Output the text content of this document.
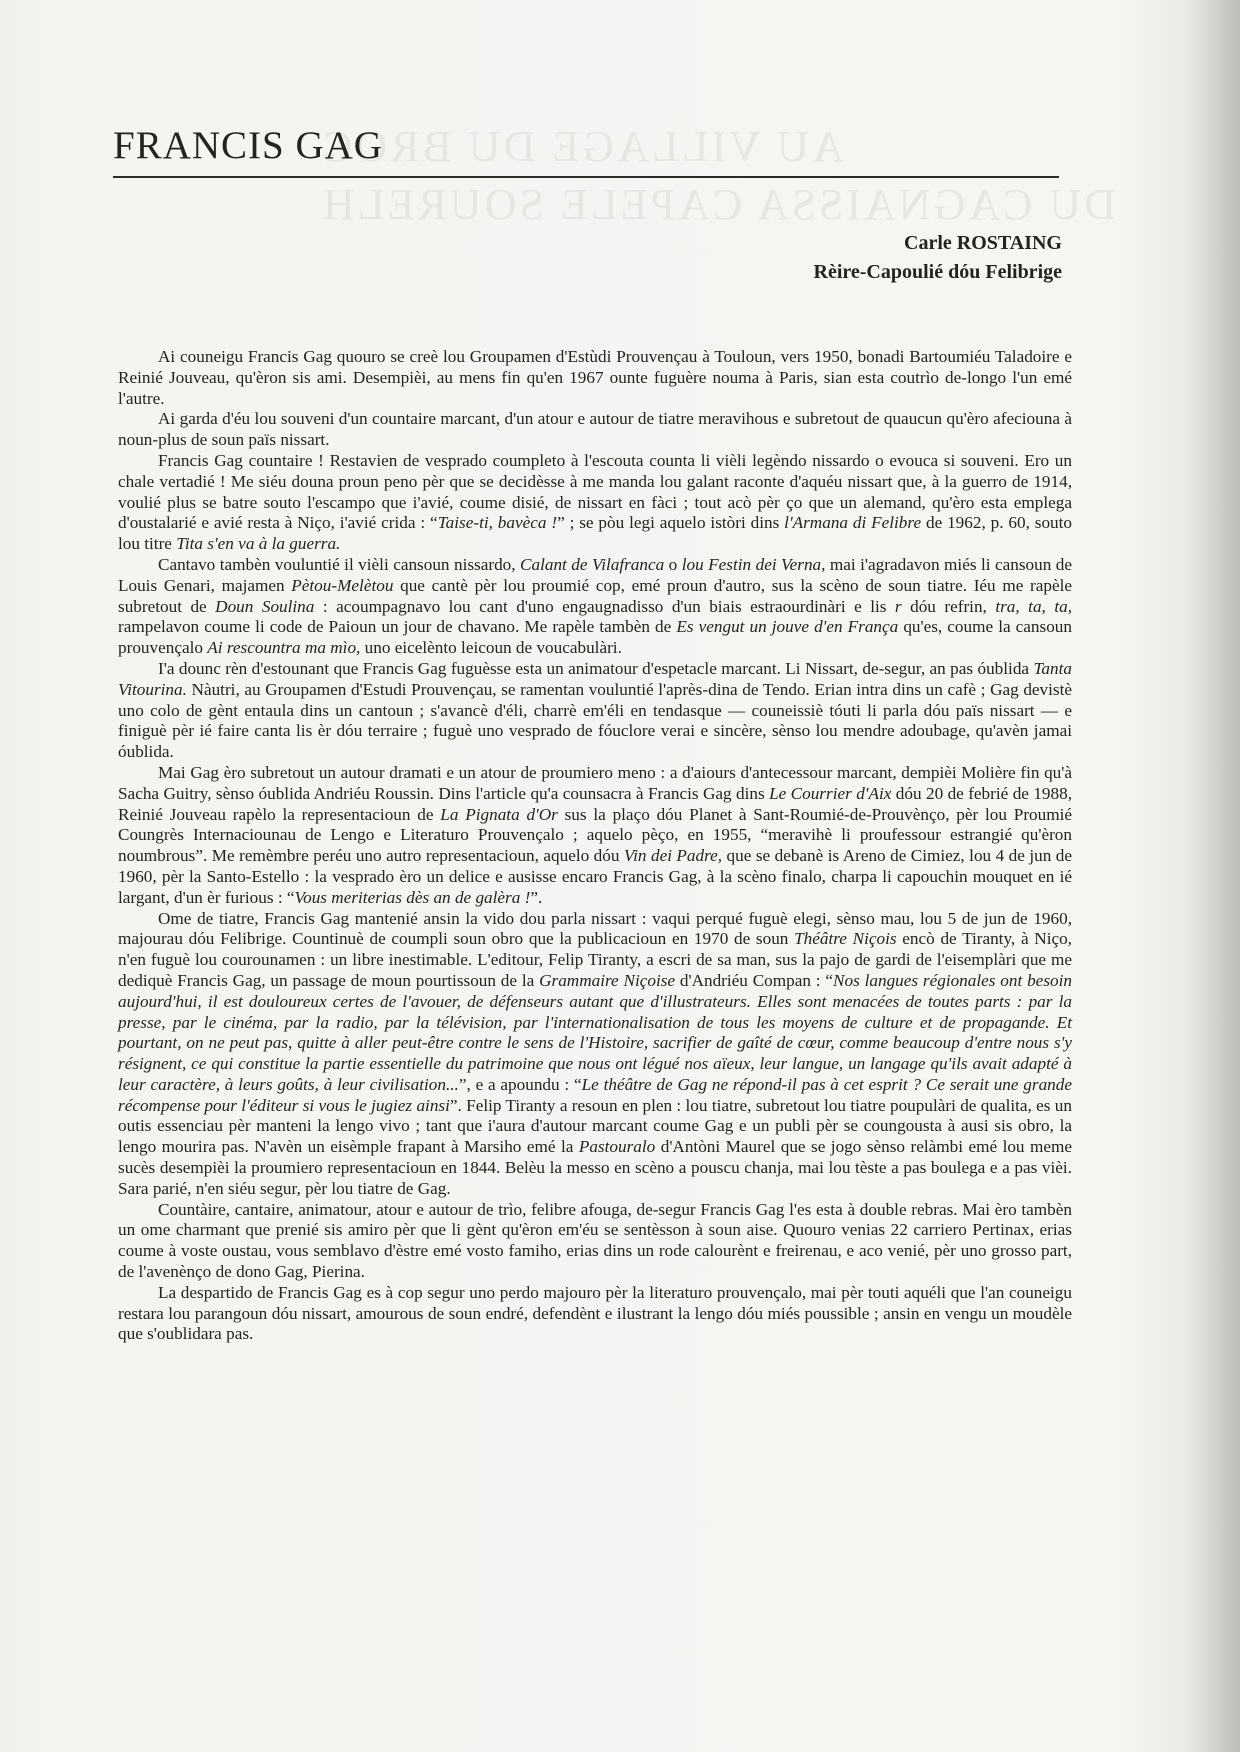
AU VILLAGE DU BROC
DU CAGNAISSA CAPELE SOURELH
FRANCIS GAG
Carle ROSTAING
Rèire-Capoulié dóu Felibrige

Ai couneigu Francis Gag quouro se creè lou Groupamen d'Estùdi Prouvençau à Touloun, vers 1950, bonadi Bartoumiéu Taladoire e Reinié Jouveau, qu'èron sis ami. Desempièi, au mens fin qu'en 1967 ounte fuguère nouma à Paris, sian esta coutrìo de-longo l'un emé l'autre.

Ai garda d'éu lou souveni d'un countaire marcant, d'un atour e autour de tiatre meravihous e subretout de quaucun qu'èro afeciouna à noun-plus de soun païs nissart.

Francis Gag countaire ! Restavien de vesprado coumpleto à l'escouta counta li vièli legèndo nissardo o evouca si souveni. Ero un chale vertadié ! Me siéu douna proun peno pèr que se decidèsse à me manda lou galant raconte d'aquéu nissart que, à la guerro de 1914, voulié plus se batre souto l'escampo que i'avié, coume disié, de nissart en fàci ; tout acò pèr ço que un alemand, qu'èro esta emplega d'oustalarié e avié resta à Niço, i'avié crida : “Taise-ti, bavèca !” ; se pòu legi aquelo istòri dins l'Armana di Felibre de 1962, p. 60, souto lou titre Tita s'en va à la guerra.

Cantavo tambèn vouluntié il vièli cansoun nissardo, Calant de Vilafranca o lou Festin dei Verna, mai i'agradavon miés li cansoun de Louis Genari, majamen Pètou-Melètou que cantè pèr lou proumié cop, emé proun d'autro, sus la scèno de soun tiatre. Iéu me rapèle subretout de Doun Soulina : acoumpagnavo lou cant d'uno engaugnadisso d'un biais estraourdinàri e lis r dóu refrin, tra, ta, ta, rampelavon coume li code de Paioun un jour de chavano. Me rapèle tambèn de Es vengut un jouve d'en França qu'es, coume la cansoun prouvençalo Ai rescountra ma mìo, uno eicelènto leicoun de voucabulàri.

I'a dounc rèn d'estounant que Francis Gag fuguèsse esta un animatour d'espetacle marcant. Li Nissart, de-segur, an pas óublida Tanta Vitourina. Nàutri, au Groupamen d'Estudi Prouvençau, se ramentan vouluntié l'après-dina de Tendo. Erian intra dins un cafè ; Gag devistè uno colo de gènt entaula dins un cantoun ; s'avancè d'éli, charrè em'éli en tendasque — couneissiè tóuti li parla dóu païs nissart — e finiguè pèr ié faire canta lis èr dóu terraire ; fuguè uno vesprado de fóuclore verai e sincère, sènso lou mendre adoubage, qu'avèn jamai óublida.

Mai Gag èro subretout un autour dramati e un atour de proumiero meno : a d'aiours d'antecessour marcant, dempièi Molière fin qu'à Sacha Guitry, sènso óublida Andriéu Roussin. Dins l'article qu'a counsacra à Francis Gag dins Le Courrier d'Aix dóu 20 de febrié de 1988, Reinié Jouveau rapèlo la representacioun de La Pignata d'Or sus la plaço dóu Planet à Sant-Roumié-de-Prouvènço, pèr lou Proumié Coungrès Internaciounau de Lengo e Literaturo Prouvençalo ; aquelo pèço, en 1955, “meravihè li proufessour estrangié qu'èron noumbrous”. Me remèmbre peréu uno autro representacioun, aquelo dóu Vin dei Padre, que se debanè is Areno de Cimiez, lou 4 de jun de 1960, pèr la Santo-Estello : la vesprado èro un delice e ausisse encaro Francis Gag, à la scèno finalo, charpa li capouchin mouquet en ié largant, d'un èr furious : “Vous meriterias dès an de galèra !”.

Ome de tiatre, Francis Gag mantenié ansin la vido dou parla nissart : vaqui perqué fuguè elegi, sènso mau, lou 5 de jun de 1960, majourau dóu Felibrige. Countinuè de coumpli soun obro que la publicacioun en 1970 de soun Théâtre Niçois encò de Tiranty, à Niço, n'en fuguè lou courounamen : un libre inestimable. L'editour, Felip Tiranty, a escri de sa man, sus la pajo de gardi de l'eisemplàri que me dediquè Francis Gag, un passage de moun pourtissoun de la Grammaire Niçoise d'Andriéu Compan : “Nos langues régionales ont besoin aujourd'hui, il est douloureux certes de l'avouer, de défenseurs autant que d'illustrateurs. Elles sont menacées de toutes parts : par la presse, par le cinéma, par la radio, par la télévision, par l'internationalisation de tous les moyens de culture et de propagande. Et pourtant, on ne peut pas, quitte à aller peut-être contre le sens de l'Histoire, sacrifier de gaîté de cœur, comme beaucoup d'entre nous s'y résignent, ce qui constitue la partie essentielle du patrimoine que nous ont légué nos aïeux, leur langue, un langage qu'ils avait adapté à leur caractère, à leurs goûts, à leur civilisation...”, e a apoundu : “Le théâtre de Gag ne répond-il pas à cet esprit ? Ce serait une grande récompense pour l'éditeur si vous le jugiez ainsi”. Felip Tiranty a resoun en plen : lou tiatre, subretout lou tiatre poupulàri de qualita, es un outis essenciau pèr manteni la lengo vivo ; tant que i'aura d'autour marcant coume Gag e un publi pèr se coungousta à ausi sis obro, la lengo mourira pas. N'avèn un eisèmple frapant à Marsiho emé la Pastouralo d'Antòni Maurel que se jogo sènso relàmbi emé lou meme sucès desempièi la proumiero representacioun en 1844. Belèu la messo en scèno a pouscu chanja, mai lou tèste a pas boulega e a pas vièi. Sara parié, n'en siéu segur, pèr lou tiatre de Gag.

Countàire, cantaire, animatour, atour e autour de trìo, felibre afouga, de-segur Francis Gag l'es esta à double rebras. Mai èro tambèn un ome charmant que prenié sis amiro pèr que li gènt qu'èron em'éu se sentèsson à soun aise. Quouro venias 22 carriero Pertinax, erias coume à voste oustau, vous semblavo d'èstre emé vosto famiho, erias dins un rode calourènt e freirenau, e aco venié, pèr uno grosso part, de l'avenènço de dono Gag, Pierina.

La despartido de Francis Gag es à cop segur uno perdo majouro pèr la literaturo prouvençalo, mai pèr touti aquéli que l'an couneigu restara lou parangoun dóu nissart, amourous de soun endré, defendènt e ilustrant la lengo dóu miés poussible ; ansin en vengu un moudèle que s'oublidara pas.
